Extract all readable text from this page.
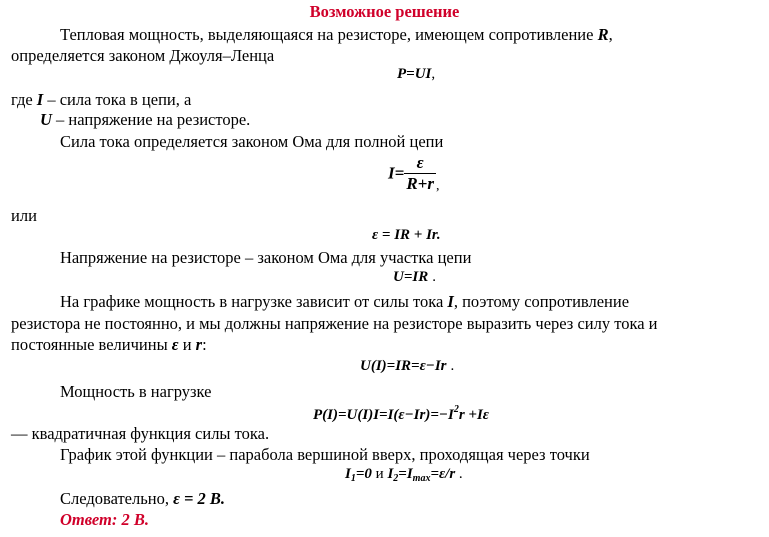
Возможное решение
Тепловая мощность, выделяющаяся на резисторе, имеющем сопротивление R,
определяется законом Джоуля–Ленца
P=UI,
где I – сила тока в цепи, а
U – напряжение на резисторе.
Сила тока определяется законом Ома для полной цепи
$I= \frac{\varepsilon}{R+r} _,$
или
ε = IR + Ir.
Напряжение на резисторе – законом Ома для участка цепи
U=IR .
На графике мощность в нагрузке зависит от силы тока I, поэтому сопротивление
резистора не постоянно, и мы должны напряжение на резисторе выразить через силу тока и
постоянные величины ε и r:
U(I)=IR=ε−Ir .
Мощность в нагрузке
$P(I)=U(I)I=I(\varepsilon-Ir)=-I^2r +I\varepsilon$
— квадратичная функция силы тока.
График этой функции – парабола вершиной вверх, проходящая через точки
$I_1=0$ и $I_2=I_{max}=\varepsilon/r$ .
Следовательно, ε = 2 В.
Ответ: 2 В.
